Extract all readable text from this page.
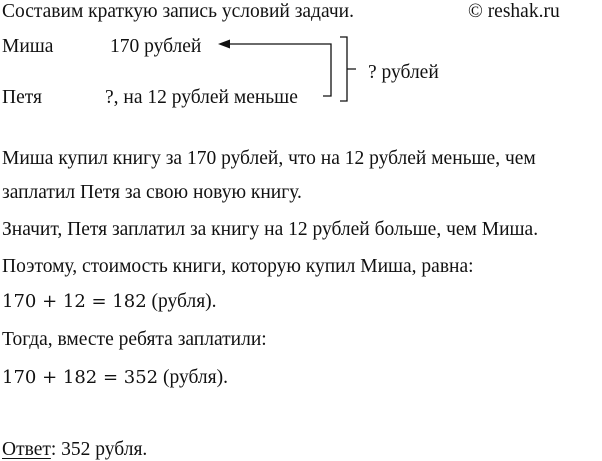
Составим краткую запись условий задачи.	© reshak.ru
Миша	170 рублей
Петя	?, на 12 рублей меньше
? рублей
Миша купил книгу за 170 рублей, что на 12 рублей меньше, чем
заплатил Петя за свою новую книгу.
Значит, Петя заплатил за книгу на 12 рублей больше, чем Миша.
Поэтому, стоимость книги, которую купил Миша, равна:
170 + 12 = 182 (рубля).
Тогда, вместе ребята заплатили:
170 + 182 = 352 (рубля).
Ответ: 352 рубля.
